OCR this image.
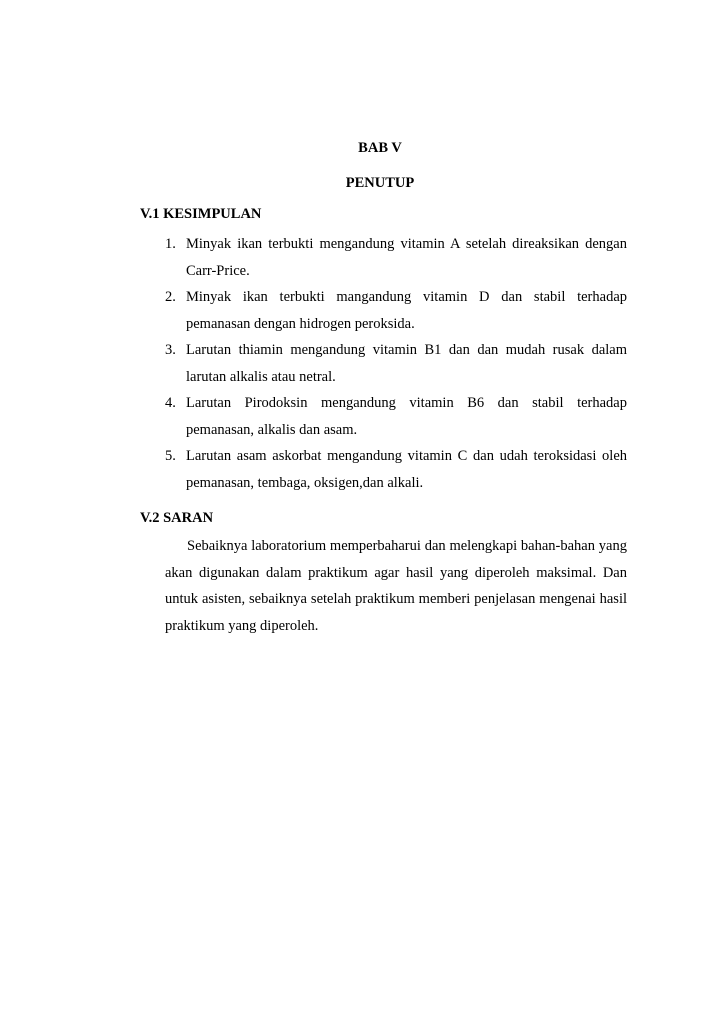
BAB V
PENUTUP
V.1 KESIMPULAN
1. Minyak ikan terbukti mengandung vitamin A setelah direaksikan dengan Carr-Price.
2. Minyak ikan terbukti mangandung vitamin D dan stabil terhadap pemanasan dengan hidrogen peroksida.
3. Larutan thiamin mengandung vitamin B1 dan dan mudah rusak dalam larutan alkalis atau netral.
4. Larutan Pirodoksin mengandung vitamin B6 dan stabil terhadap pemanasan, alkalis dan asam.
5. Larutan asam askorbat mengandung vitamin C dan udah teroksidasi oleh pemanasan, tembaga, oksigen,dan alkali.
V.2 SARAN

Sebaiknya laboratorium memperbaharui dan melengkapi bahan-bahan yang akan digunakan dalam praktikum agar hasil yang diperoleh maksimal. Dan untuk asisten, sebaiknya setelah praktikum memberi penjelasan mengenai hasil praktikum yang diperoleh.
